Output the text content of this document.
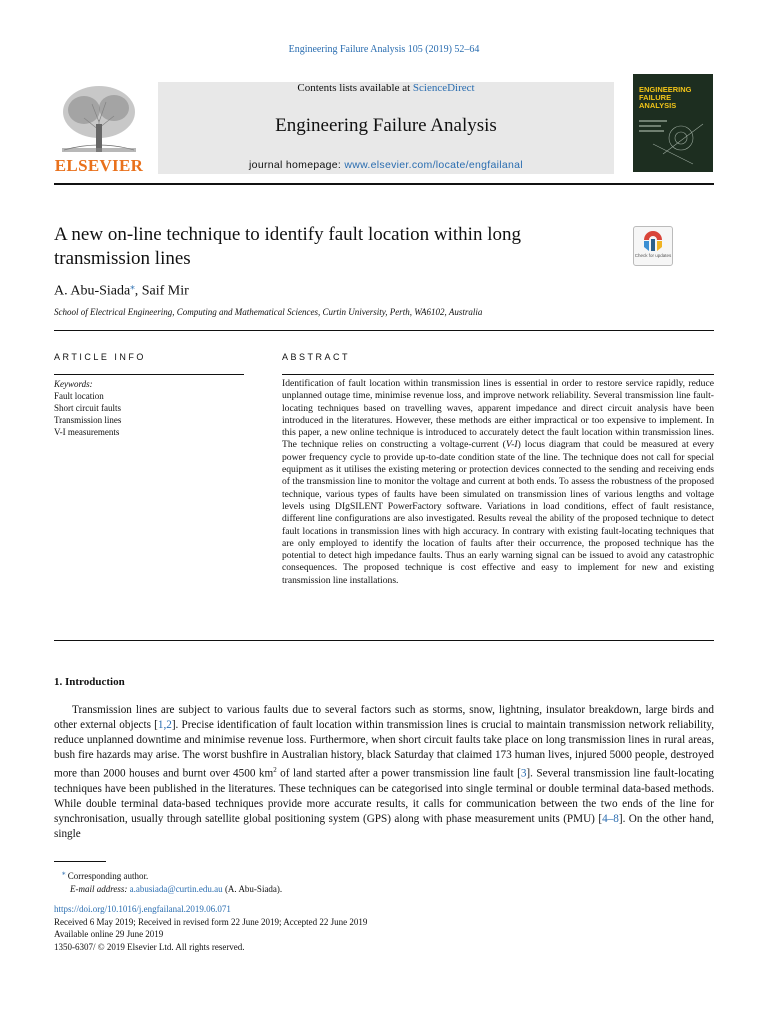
Engineering Failure Analysis 105 (2019) 52–64
ELSEVIER
Contents lists available at ScienceDirect
Engineering Failure Analysis
journal homepage: www.elsevier.com/locate/engfailanal
ENGINEERING FAILURE ANALYSIS
A new on-line technique to identify fault location within long transmission lines	Check for updates
A. Abu-Siada⁎, Saif Mir
School of Electrical Engineering, Computing and Mathematical Sciences, Curtin University, Perth, WA6102, Australia
ARTICLE INFO
Keywords:
Fault location
Short circuit faults
Transmission lines
V-I measurements
ABSTRACT
Identification of fault location within transmission lines is essential in order to restore service rapidly, reduce unplanned outage time, minimise revenue loss, and improve network reliability. Several transmission line fault-locating techniques based on travelling waves, apparent impedance and direct circuit analysis have been introduced in the literatures. However, these methods are either impractical or too expensive to implement. In this paper, a new online technique is introduced to accurately detect the fault location within transmission lines. The technique relies on constructing a voltage-current (V-I) locus diagram that could be measured at every power frequency cycle to provide up-to-date condition state of the line. The technique does not call for special equipment as it utilises the existing metering or protection devices connected to the sending and receiving ends of the transmission line to monitor the voltage and current at both ends. To assess the robustness of the proposed technique, various types of faults have been simulated on transmission lines of various lengths and voltage levels using DIgSILENT PowerFactory software. Variations in load conditions, effect of fault resistance, different line configurations are also investigated. Results reveal the ability of the proposed technique to detect fault locations in transmission lines with high accuracy. In contrary with existing fault-locating techniques that are only employed to identify the location of faults after their occurrence, the proposed technique has the potential to detect high impedance faults. Thus an early warning signal can be issued to avoid any catastrophic consequences. The proposed technique is cost effective and easy to implement for new and existing transmission line installations.
1. Introduction
Transmission lines are subject to various faults due to several factors such as storms, snow, lightning, insulator breakdown, large birds and other external objects [1,2]. Precise identification of fault location within transmission lines is crucial to maintain transmission network reliability, reduce unplanned downtime and minimise revenue loss. Furthermore, when short circuit faults take place on long transmission lines in rural areas, bush fire hazards may arise. The worst bushfire in Australian history, black Saturday that claimed 173 human lives, injured 5000 people, destroyed more than 2000 houses and burnt over 4500 $km^2$ of land started after a power transmission line fault [3]. Several transmission line fault-locating techniques have been published in the literatures. These techniques can be categorised into single terminal or double terminal data-based methods. While double terminal data-based techniques provide more accurate results, it calls for communication between the two ends of the line for synchronisation, usually through satellite global positioning system (GPS) along with phase measurement units (PMU) [4–8]. On the other hand, single
⁎ Corresponding author.
E-mail address: a.abusiada@curtin.edu.au (A. Abu-Siada).
https://doi.org/10.1016/j.engfailanal.2019.06.071
Received 6 May 2019; Received in revised form 22 June 2019; Accepted 22 June 2019
Available online 29 June 2019
1350-6307/ © 2019 Elsevier Ltd. All rights reserved.
